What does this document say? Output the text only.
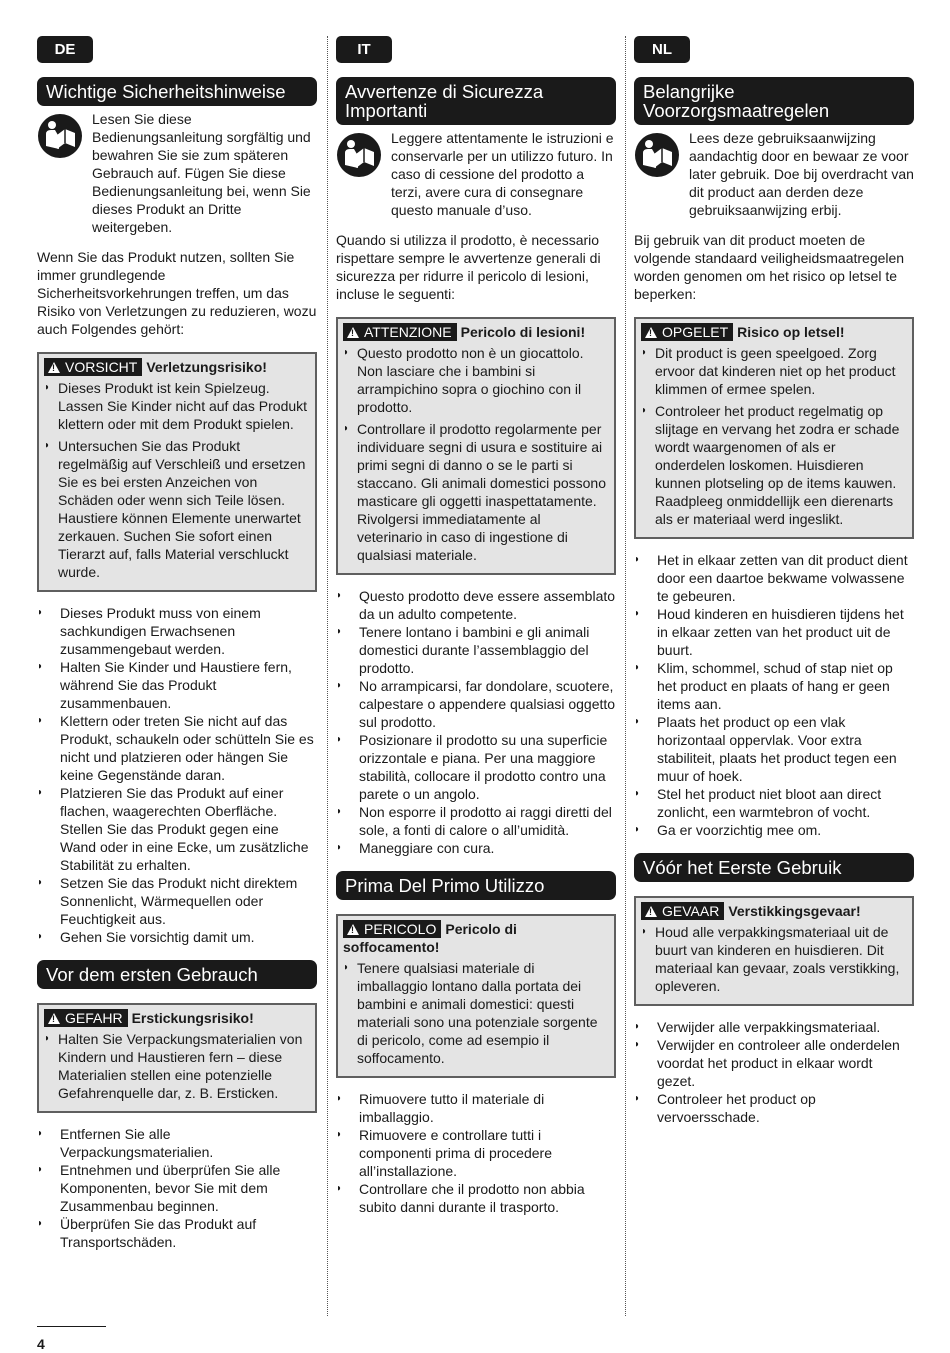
DE
Wichtige Sicherheitshinweise

Lesen Sie diese Bedienungsanleitung sorgfältig und bewahren Sie sie zum späteren Gebrauch auf. Fügen Sie diese Bedienungsanleitung bei, wenn Sie dieses Produkt an Dritte weitergeben.

Wenn Sie das Produkt nutzen, sollten Sie immer grundlegende Sicherheitsvorkehrungen treffen, um das Risiko von Verletzungen zu reduzieren, wozu auch Folgendes gehört:

!VORSICHT Verletzungsrisiko!
◗ Dieses Produkt ist kein Spielzeug. Lassen Sie Kinder nicht auf das Produkt klettern oder mit dem Produkt spielen.
◗ Untersuchen Sie das Produkt regelmäßig auf Verschleiß und ersetzen Sie es bei ersten Anzeichen von Schäden oder wenn sich Teile lösen. Haustiere können Elemente unerwartet zerkauen. Suchen Sie sofort einen Tierarzt auf, falls Material verschluckt wurde.
◗ Dieses Produkt muss von einem sachkundigen Erwachsenen zusammengebaut werden.
◗ Halten Sie Kinder und Haustiere fern, während Sie das Produkt zusammenbauen.
◗ Klettern oder treten Sie nicht auf das Produkt, schaukeln oder schütteln Sie es nicht und platzieren oder hängen Sie keine Gegenstände daran.
◗ Platzieren Sie das Produkt auf einer flachen, waagerechten Oberfläche. Stellen Sie das Produkt gegen eine Wand oder in eine Ecke, um zusätzliche Stabilität zu erhalten.
◗ Setzen Sie das Produkt nicht direktem Sonnenlicht, Wärmequellen oder Feuchtigkeit aus.
◗ Gehen Sie vorsichtig damit um.
Vor dem ersten Gebrauch
!GEFAHR Erstickungsrisiko!
◗ Halten Sie Verpackungsmaterialien von Kindern und Haustieren fern – diese Materialien stellen eine potenzielle Gefahrenquelle dar, z. B. Ersticken.
◗ Entfernen Sie alle Verpackungsmaterialien.
◗ Entnehmen und überprüfen Sie alle Komponenten, bevor Sie mit dem Zusammenbau beginnen.
◗ Überprüfen Sie das Produkt auf Transportschäden.
IT
Avvertenze di Sicurezza Importanti

Leggere attentamente le istruzioni e conservarle per un utilizzo futuro. In caso di cessione del prodotto a terzi, avere cura di consegnare questo manuale d’uso.

Quando si utilizza il prodotto, è necessario rispettare sempre le avvertenze generali di sicurezza per ridurre il pericolo di lesioni, incluse le seguenti:

!ATTENZIONE Pericolo di lesioni!
◗ Questo prodotto non è un giocattolo. Non lasciare che i bambini si arrampichino sopra o giochino con il prodotto.
◗ Controllare il prodotto regolarmente per individuare segni di usura e sostituire ai primi segni di danno o se le parti si staccano. Gli animali domestici possono masticare gli oggetti inaspettatamente. Rivolgersi immediatamente al veterinario in caso di ingestione di qualsiasi materiale.
◗ Questo prodotto deve essere assemblato da un adulto competente.
◗ Tenere lontano i bambini e gli animali domestici durante l’assemblaggio del prodotto.
◗ No arrampicarsi, far dondolare, scuotere, calpestare o appendere qualsiasi oggetto sul prodotto.
◗ Posizionare il prodotto su una superficie orizzontale e piana. Per una maggiore stabilità, collocare il prodotto contro una parete o un angolo.
◗ Non esporre il prodotto ai raggi diretti del sole, a fonti di calore o all’umidità.
◗ Maneggiare con cura.
Prima Del Primo Utilizzo
!PERICOLO Pericolo di soffocamento!
◗ Tenere qualsiasi materiale di imballaggio lontano dalla portata dei bambini e animali domestici: questi materiali sono una potenziale sorgente di pericolo, come ad esempio il soffocamento.
◗ Rimuovere tutto il materiale di imballaggio.
◗ Rimuovere e controllare tutti i componenti prima di procedere all’installazione.
◗ Controllare che il prodotto non abbia subito danni durante il trasporto.
NL
Belangrijke Voorzorgsmaatregelen

Lees deze gebruiksaanwijzing aandachtig door en bewaar ze voor later gebruik. Doe bij overdracht van dit product aan derden deze gebruiksaanwijzing erbij.

Bij gebruik van dit product moeten de volgende standaard veiligheidsmaatregelen worden genomen om het risico op letsel te beperken:

!OPGELET Risico op letsel!
◗ Dit product is geen speelgoed. Zorg ervoor dat kinderen niet op het product klimmen of ermee spelen.
◗ Controleer het product regelmatig op slijtage en vervang het zodra er schade wordt waargenomen of als er onderdelen loskomen. Huisdieren kunnen plotseling op de items kauwen. Raadpleeg onmiddellijk een dierenarts als er materiaal werd ingeslikt.
◗ Het in elkaar zetten van dit product dient door een daartoe bekwame volwassene te gebeuren.
◗ Houd kinderen en huisdieren tijdens het in elkaar zetten van het product uit de buurt.
◗ Klim, schommel, schud of stap niet op het product en plaats of hang er geen items aan.
◗ Plaats het product op een vlak horizontaal oppervlak. Voor extra stabiliteit, plaats het product tegen een muur of hoek.
◗ Stel het product niet bloot aan direct zonlicht, een warmtebron of vocht.
◗ Ga er voorzichtig mee om.
Vóór het Eerste Gebruik
!GEVAAR Verstikkingsgevaar!
◗ Houd alle verpakkingsmateriaal uit de buurt van kinderen en huisdieren. Dit materiaal kan gevaar, zoals verstikking, opleveren.
◗ Verwijder alle verpakkingsmateriaal.
◗ Verwijder en controleer alle onderdelen voordat het product in elkaar wordt gezet.
◗ Controleer het product op vervoersschade.
4
